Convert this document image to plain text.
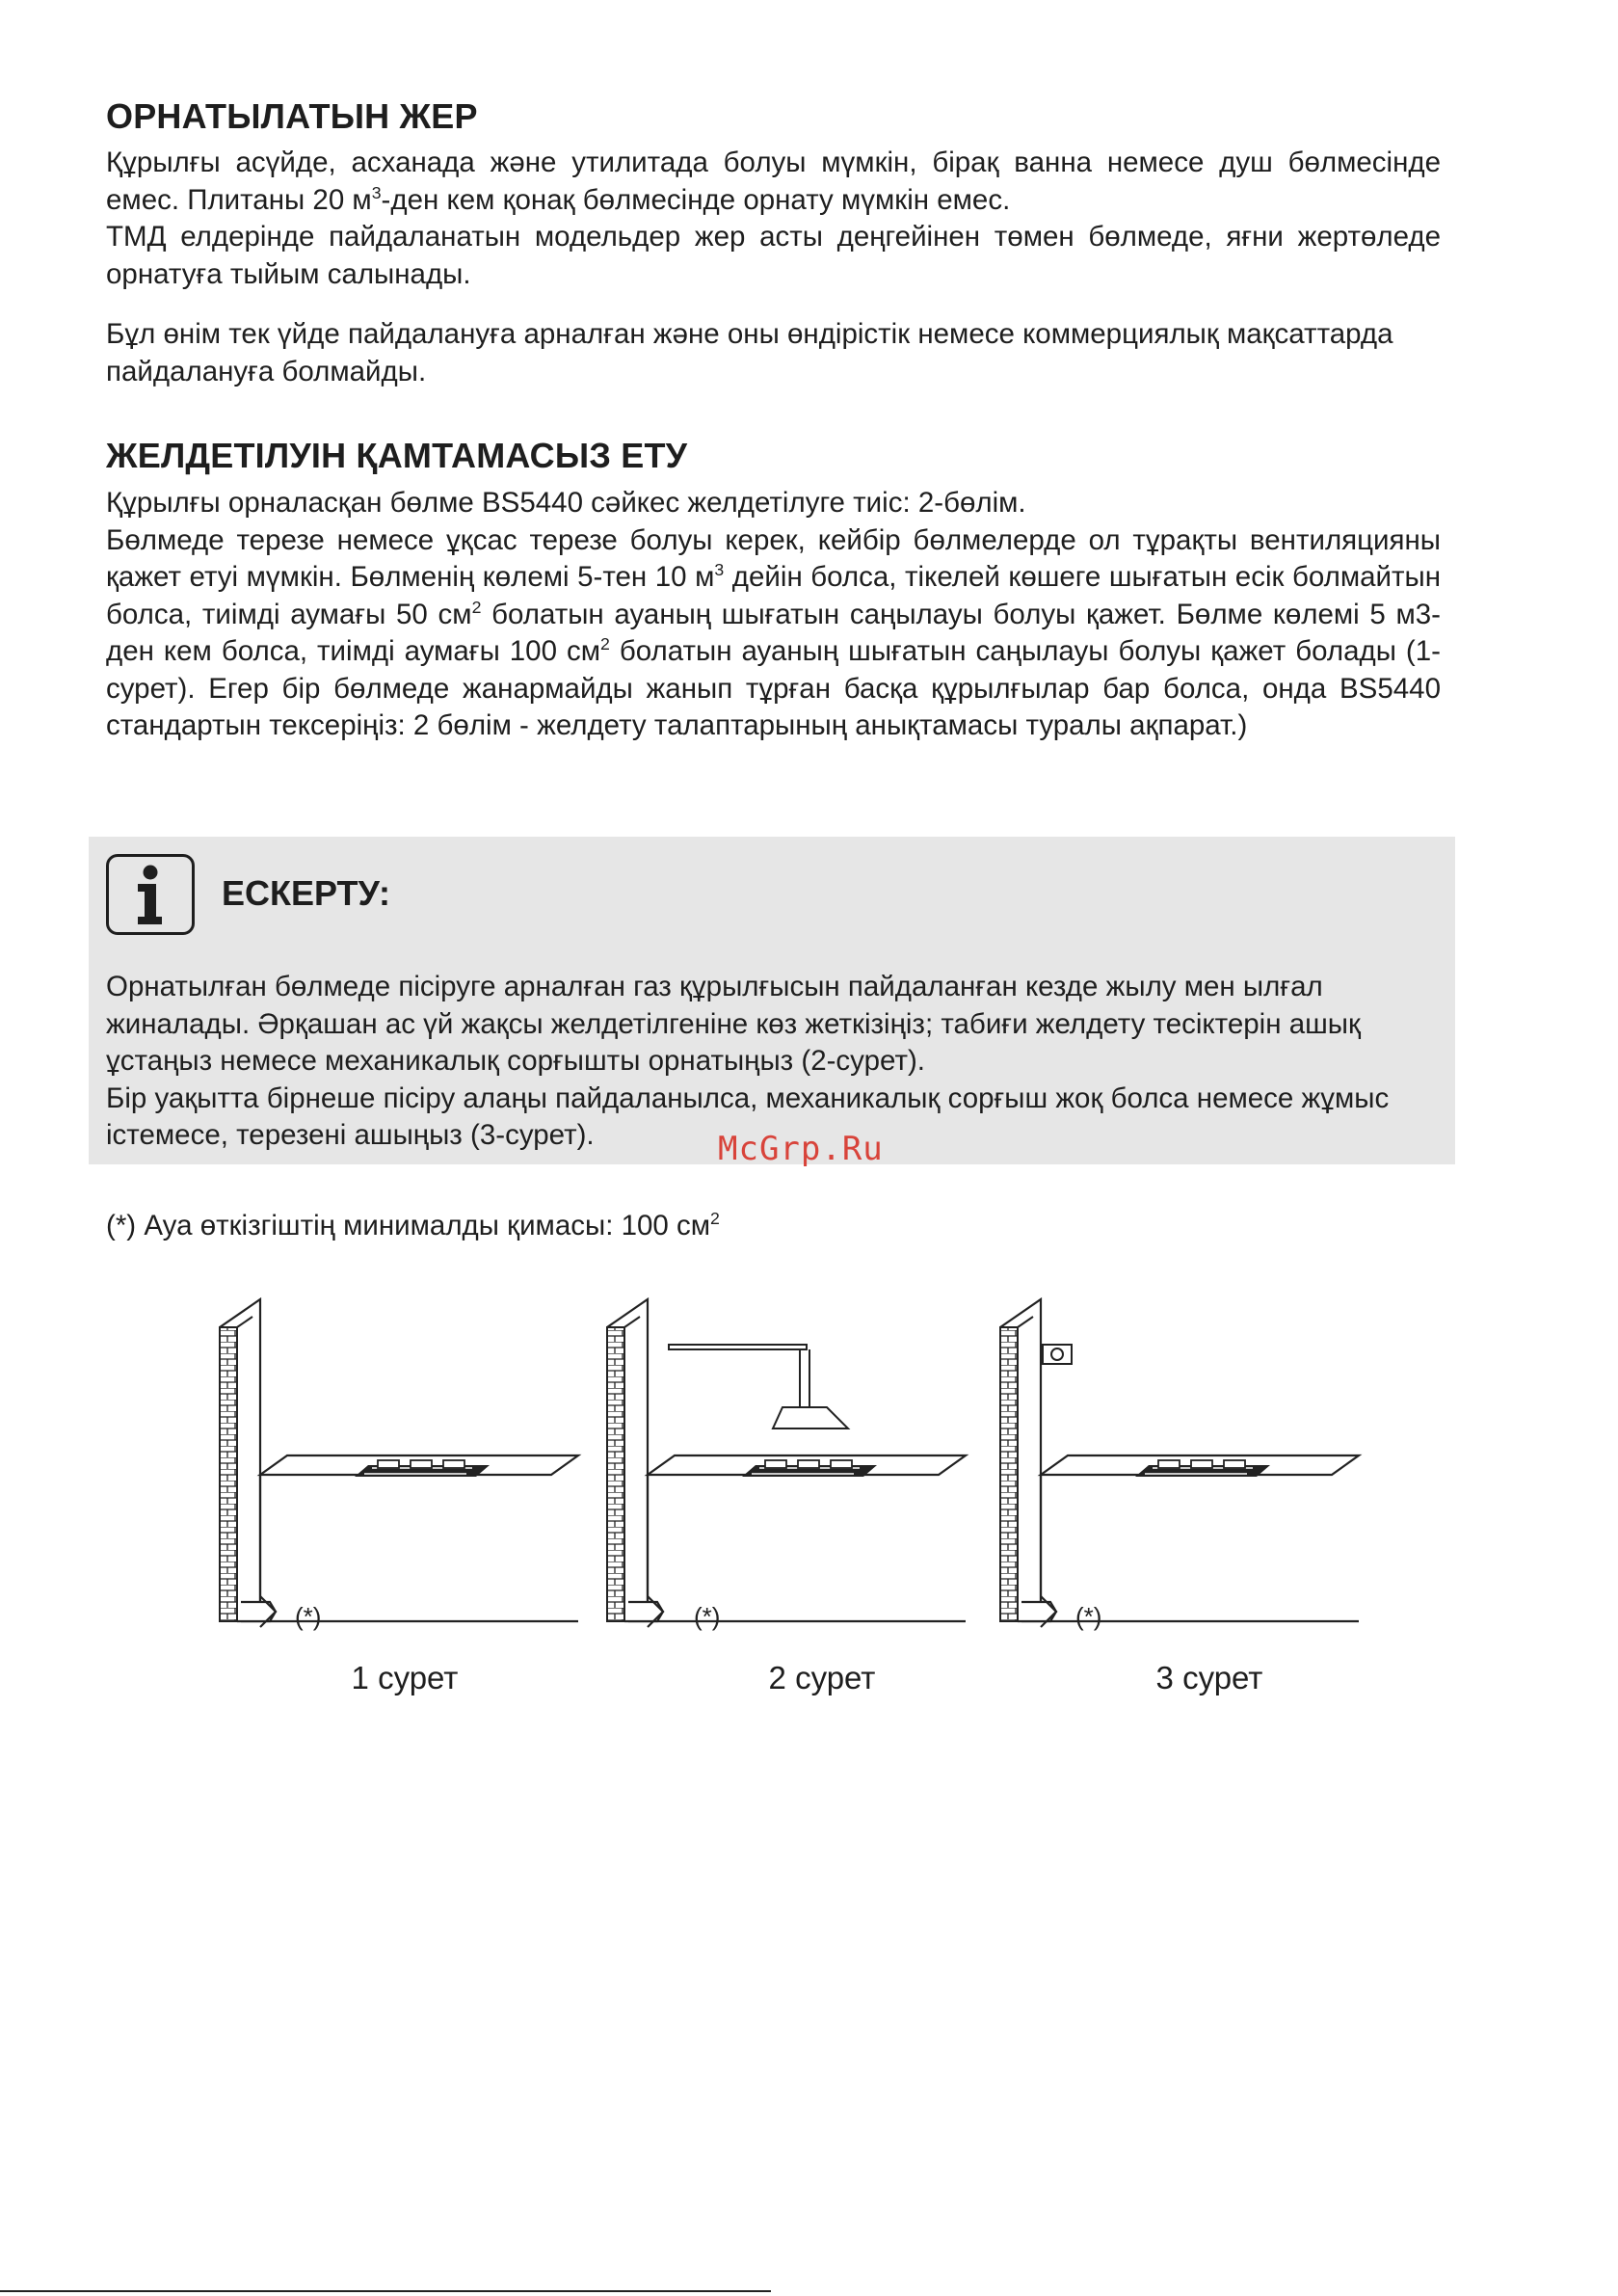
ОРНАТЫЛАТЫН ЖЕР

Құрылғы асүйде, асханада және утилитада болуы мүмкін, бірақ ванна немесе душ бөлмесінде емес. Плитаны 20 $м^3$-ден кем қонақ бөлмесінде орнату мүмкін емес.

ТМД елдерінде пайдаланатын модельдер жер асты деңгейінен төмен бөлмеде, яғни жертөледе орнатуға тыйым салынады.

Бұл өнім тек үйде пайдалануға арналған және оны өндірістік немесе коммерциялық мақсаттарда пайдалануға болмайды.

ЖЕЛДЕТІЛУІН ҚАМТАМАСЫЗ ЕТУ

Құрылғы орналасқан бөлме BS5440 сәйкес желдетілуге тиіс: 2-бөлім.

Бөлмеде терезе немесе ұқсас терезе болуы керек, кейбір бөлмелерде ол тұрақты вентиляцияны қажет етуі мүмкін. Бөлменің көлемі 5-тен 10 $м^3$ дейін болса, тікелей көшеге шығатын есік болмайтын болса, тиімді аумағы 50 $см^2$ болатын ауаның шығатын саңылауы болуы қажет. Бөлме көлемі 5 м3-ден кем болса, тиімді аумағы 100 $см^2$ болатын ауаның шығатын саңылауы болуы қажет болады (1-сурет). Егер бір бөлмеде жанармайды жанып тұрған басқа құрылғылар бар болса, онда BS5440 стандартын тексеріңіз: 2 бөлім - желдету талаптарының анықтамасы туралы ақпарат.)

ЕСКЕРТУ:

Орнатылған бөлмеде пісіруге арналған газ құрылғысын пайдаланған кезде жылу мен ылғал жиналады. Әрқашан ас үй жақсы желдетілгеніне көз жеткізіңіз; табиғи желдету тесіктерін ашық ұстаңыз немесе механикалық сорғышты орнатыңыз (2-сурет).

Бір уақытта бірнеше пісіру алаңы пайдаланылса, механикалық сорғыш жоқ болса немесе жұмыс істемесе, терезені ашыңыз (3-сурет).	McGrp.Ru
(*) Ауа өткізгіштің минималды қимасы: 100 $см^2$
(*)	(*)	(*)
1 сурет	2 сурет	3 сурет
